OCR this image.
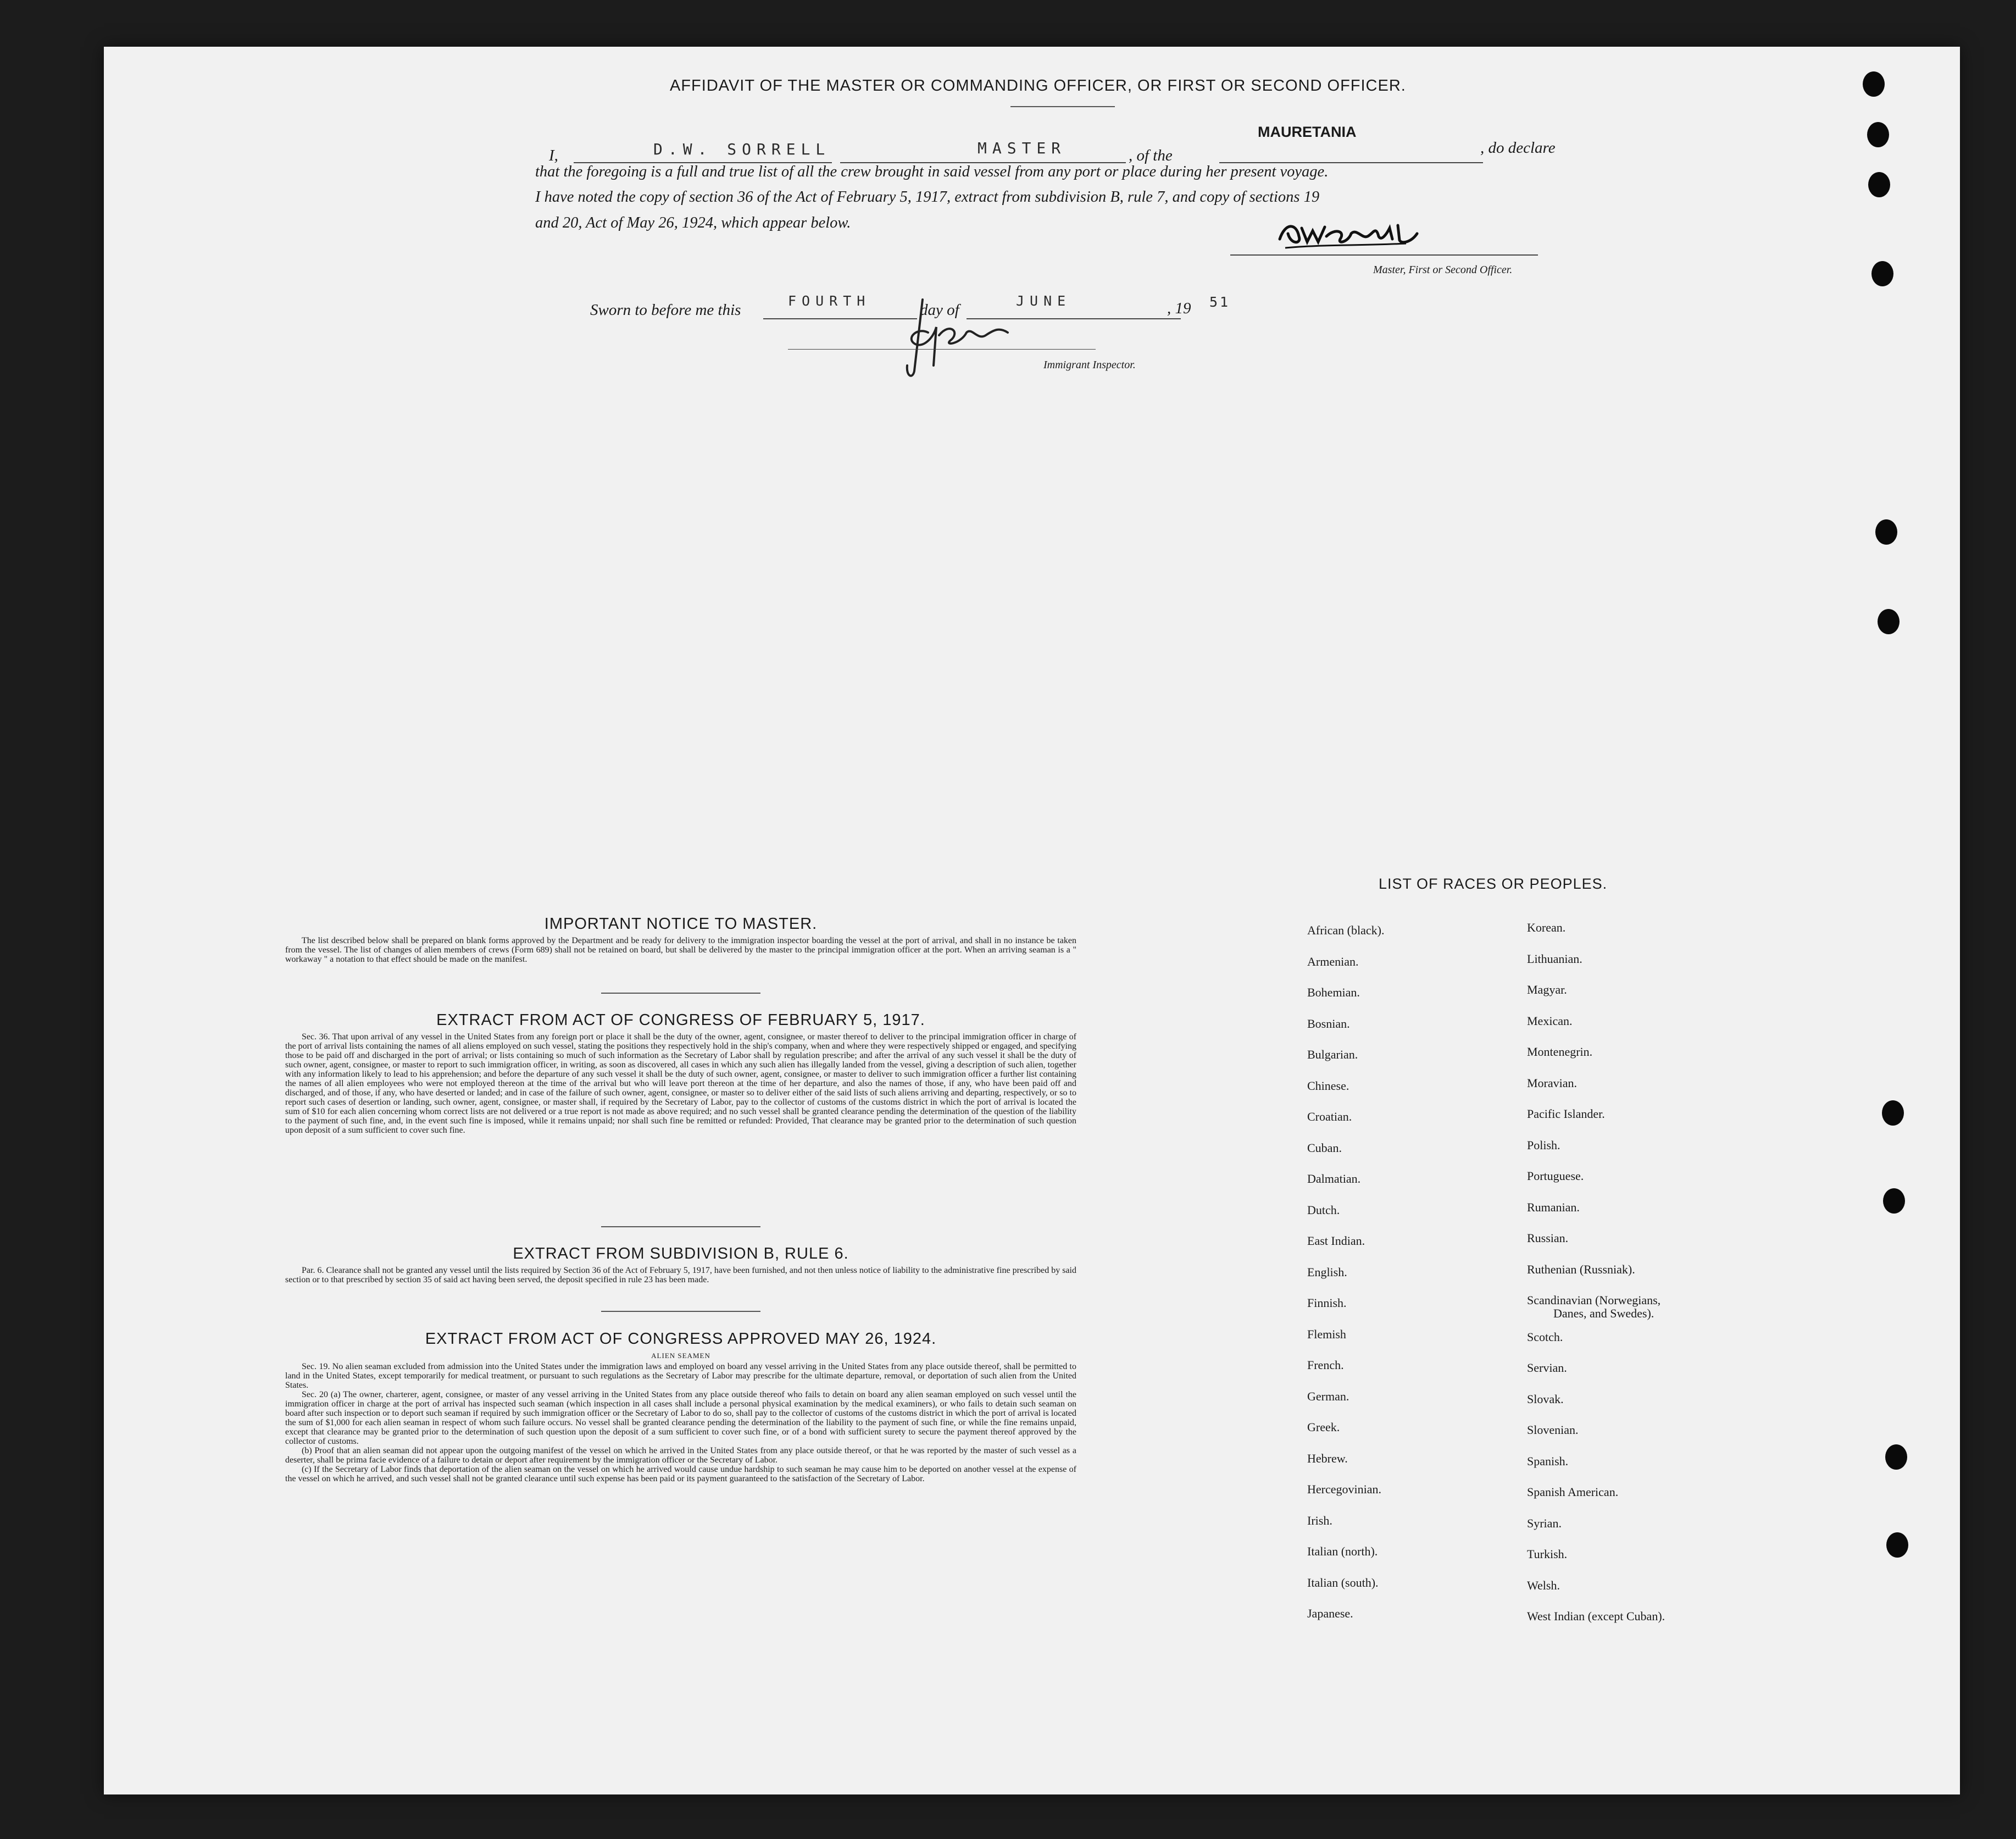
AFFIDAVIT OF THE MASTER OR COMMANDING OFFICER, OR FIRST OR SECOND OFFICER.
MAURETANIA
I,	D.W. SORRELL	MASTER	, of the	, do declare
that the foregoing is a full and true list of all the crew brought in said vessel from any port or place during her present voyage.
I have noted the copy of section 36 of the Act of February 5, 1917, extract from subdivision B, rule 7, and copy of sections 19
and 20, Act of May 26, 1924, which appear below.
Master, First or Second Officer.
Sworn to before me this
FOURTH
day of
JUNE	, 19 51
Immigrant Inspector.
IMPORTANT NOTICE TO MASTER.

The list described below shall be prepared on blank forms approved by the Department and be ready for delivery to the immigration inspector boarding the vessel at the port of arrival, and shall in no instance be taken from the vessel. The list of changes of alien members of crews (Form 689) shall not be retained on board, but shall be delivered by the master to the principal immigration officer at the port. When an arriving seaman is a " workaway " a notation to that effect should be made on the manifest.

EXTRACT FROM ACT OF CONGRESS OF FEBRUARY 5, 1917.

Sec. 36. That upon arrival of any vessel in the United States from any foreign port or place it shall be the duty of the owner, agent, consignee, or master thereof to deliver to the principal immigration officer in charge of the port of arrival lists containing the names of all aliens employed on such vessel, stating the positions they respectively hold in the ship's company, when and where they were respectively shipped or engaged, and specifying those to be paid off and discharged in the port of arrival; or lists containing so much of such information as the Secretary of Labor shall by regulation prescribe; and after the arrival of any such vessel it shall be the duty of such owner, agent, consignee, or master to report to such immigration officer, in writing, as soon as discovered, all cases in which any such alien has illegally landed from the vessel, giving a description of such alien, together with any information likely to lead to his apprehension; and before the departure of any such vessel it shall be the duty of such owner, agent, consignee, or master to deliver to such immigration officer a further list containing the names of all alien employees who were not employed thereon at the time of the arrival but who will leave port thereon at the time of her departure, and also the names of those, if any, who have been paid off and discharged, and of those, if any, who have deserted or landed; and in case of the failure of such owner, agent, consignee, or master so to deliver either of the said lists of such aliens arriving and departing, respectively, or so to report such cases of desertion or landing, such owner, agent, consignee, or master shall, if required by the Secretary of Labor, pay to the collector of customs of the customs district in which the port of arrival is located the sum of $10 for each alien concerning whom correct lists are not delivered or a true report is not made as above required; and no such vessel shall be granted clearance pending the determination of the question of the liability to the payment of such fine, and, in the event such fine is imposed, while it remains unpaid; nor shall such fine be remitted or refunded: Provided, That clearance may be granted prior to the determination of such question upon deposit of a sum sufficient to cover such fine.

EXTRACT FROM SUBDIVISION B, RULE 6.

Par. 6. Clearance shall not be granted any vessel until the lists required by Section 36 of the Act of February 5, 1917, have been furnished, and not then unless notice of liability to the administrative fine prescribed by said section or to that prescribed by section 35 of said act having been served, the deposit specified in rule 23 has been made.

EXTRACT FROM ACT OF CONGRESS APPROVED MAY 26, 1924.
ALIEN SEAMEN

Sec. 19. No alien seaman excluded from admission into the United States under the immigration laws and employed on board any vessel arriving in the United States from any place outside thereof, shall be permitted to land in the United States, except temporarily for medical treatment, or pursuant to such regulations as the Secretary of Labor may prescribe for the ultimate departure, removal, or deportation of such alien from the United States.

Sec. 20 (a) The owner, charterer, agent, consignee, or master of any vessel arriving in the United States from any place outside thereof who fails to detain on board any alien seaman employed on such vessel until the immigration officer in charge at the port of arrival has inspected such seaman (which inspection in all cases shall include a personal physical examination by the medical examiners), or who fails to detain such seaman on board after such inspection or to deport such seaman if required by such immigration officer or the Secretary of Labor to do so, shall pay to the collector of customs of the customs district in which the port of arrival is located the sum of $1,000 for each alien seaman in respect of whom such failure occurs. No vessel shall be granted clearance pending the determination of the liability to the payment of such fine, or while the fine remains unpaid, except that clearance may be granted prior to the determination of such question upon the deposit of a sum sufficient to cover such fine, or of a bond with sufficient surety to secure the payment thereof approved by the collector of customs.

(b) Proof that an alien seaman did not appear upon the outgoing manifest of the vessel on which he arrived in the United States from any place outside thereof, or that he was reported by the master of such vessel as a deserter, shall be prima facie evidence of a failure to detain or deport after requirement by the immigration officer or the Secretary of Labor.

(c) If the Secretary of Labor finds that deportation of the alien seaman on the vessel on which he arrived would cause undue hardship to such seaman he may cause him to be deported on another vessel at the expense of the vessel on which he arrived, and such vessel shall not be granted clearance until such expense has been paid or its payment guaranteed to the satisfaction of the Secretary of Labor.

LIST OF RACES OR PEOPLES.
African (black).
Armenian.
Bohemian.
Bosnian.
Bulgarian.
Chinese.
Croatian.
Cuban.
Dalmatian.
Dutch.
East Indian.
English.
Finnish.
Flemish
French.
German.
Greek.
Hebrew.
Hercegovinian.
Irish.
Italian (north).
Italian (south).
Japanese.
Korean.
Lithuanian.
Magyar.
Mexican.
Montenegrin.
Moravian.
Pacific Islander.
Polish.
Portuguese.
Rumanian.
Russian.
Ruthenian (Russniak).
Scandinavian (Norwegians,
Danes, and Swedes).
Scotch.
Servian.
Slovak.
Slovenian.
Spanish.
Spanish American.
Syrian.
Turkish.
Welsh.
West Indian (except Cuban).
